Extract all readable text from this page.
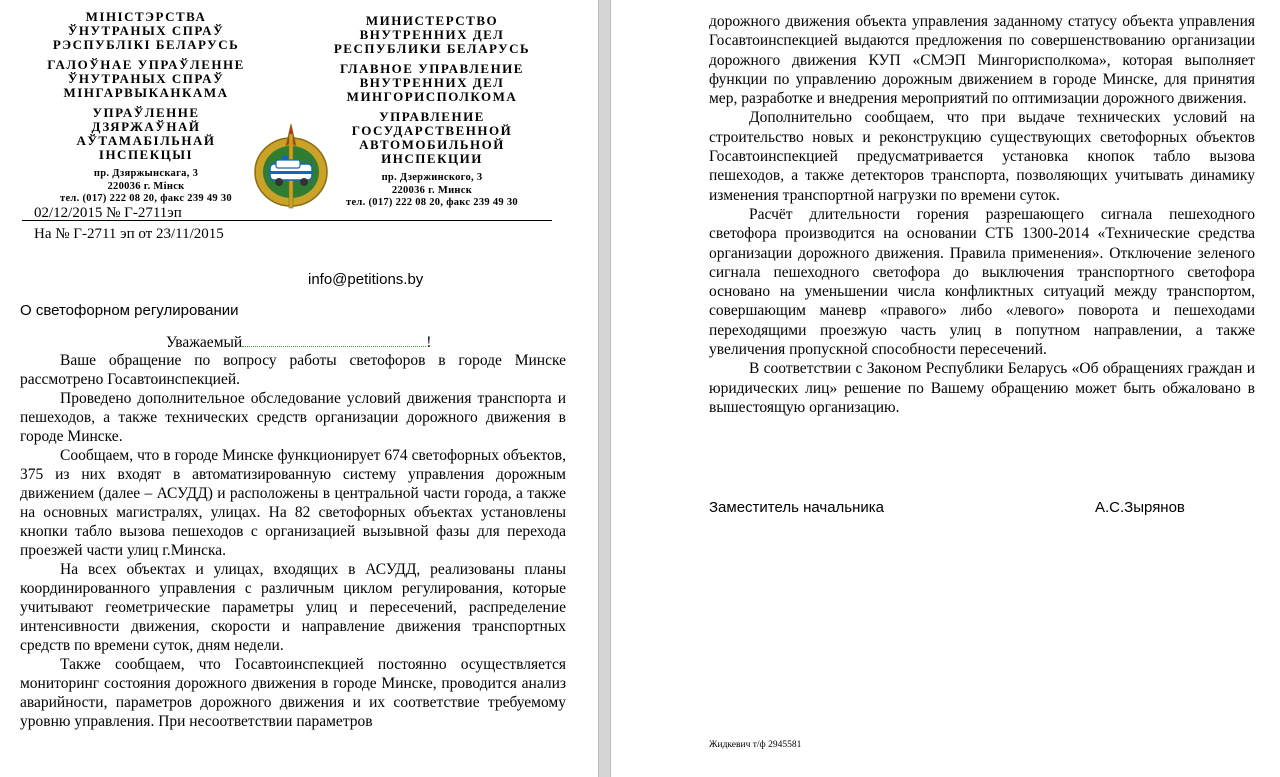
МІНІСТЭРСТВА
ЎНУТРАНЫХ СПРАЎ
РЭСПУБЛІКІ БЕЛАРУСЬ
ГАЛОЎНАЕ УПРАЎЛЕННЕ
ЎНУТРАНЫХ СПРАЎ
МІНГАРВЫКАНКАМА
УПРАЎЛЕННЕ
ДЗЯРЖАЎНАЙ
АЎТАМАБІЛЬНАЙ
ІНСПЕКЦЫІ
пр. Дзяржынскага, 3
220036 г. Мінск
тел. (017) 222 08 20, факс 239 49 30
МИНИСТЕРСТВО
ВНУТРЕННИХ ДЕЛ
РЕСПУБЛИКИ БЕЛАРУСЬ
ГЛАВНОЕ УПРАВЛЕНИЕ
ВНУТРЕННИХ ДЕЛ
МИНГОРИСПОЛКОМА
УПРАВЛЕНИЕ
ГОСУДАРСТВЕННОЙ
АВТОМОБИЛЬНОЙ
ИНСПЕКЦИИ
пр. Дзержинского, 3
220036 г. Минск
тел. (017) 222 08 20, факс 239 49 30
02/12/2015 № Г-2711эп
На № Г-2711 эп от 23/11/2015
info@petitions.by
О светофорном регулировании
Уважаемый	!

Ваше обращение по вопросу работы светофоров в городе Минске рассмотрено Госавтоинспекцией.

Проведено дополнительное обследование условий движения транспорта и пешеходов, а также технических средств организации дорожного движения в городе Минске.

Сообщаем, что в городе Минске функционирует 674 светофорных объектов, 375 из них входят в автоматизированную систему управления дорожным движением (далее – АСУДД) и расположены в центральной части города, а также на основных магистралях, улицах. На 82 светофорных объектах установлены кнопки табло вызова пешеходов с организацией вызывной фазы для перехода проезжей части улиц г.Минска.

На всех объектах и улицах, входящих в АСУДД, реализованы планы координированного управления с различным циклом регулирования, которые учитывают геометрические параметры улиц и пересечений, распределение интенсивности движения, скорости и направление движения транспортных средств по времени суток, дням недели.

Также сообщаем, что Госавтоинспекцией постоянно осуществляется мониторинг состояния дорожного движения в городе Минске, проводится анализ аварийности, параметров дорожного движения и их соответствие требуемому уровню управления. При несоответствии параметров

дорожного движения объекта управления заданному статусу объекта управления Госавтоинспекцией выдаются предложения по совершенствованию организации дорожного движения КУП «СМЭП Мингорисполкома», которая выполняет функции по управлению дорожным движением в городе Минске, для принятия мер, разработке и внедрения мероприятий по оптимизации дорожного движения.

Дополнительно сообщаем, что при выдаче технических условий на строительство новых и реконструкцию существующих светофорных объектов Госавтоинспекцией предусматривается установка кнопок табло вызова пешеходов, а также детекторов транспорта, позволяющих учитывать динамику изменения транспортной нагрузки по времени суток.

Расчёт длительности горения разрешающего сигнала пешеходного светофора производится на основании СТБ 1300-2014 «Технические средства организации дорожного движения. Правила применения». Отключение зеленого сигнала пешеходного светофора до выключения транспортного светофора основано на уменьшении числа конфликтных ситуаций между транспортом, совершающим маневр «правого» либо «левого» поворота и пешеходами переходящими проезжую часть улиц в попутном направлении, а также увеличения пропускной способности пересечений.

В соответствии с Законом Республики Беларусь «Об обращениях граждан и юридических лиц» решение по Вашему обращению может быть обжаловано в вышестоящую организацию.

Заместитель начальника	А.С.Зырянов
Жидкевич т/ф 2945581
